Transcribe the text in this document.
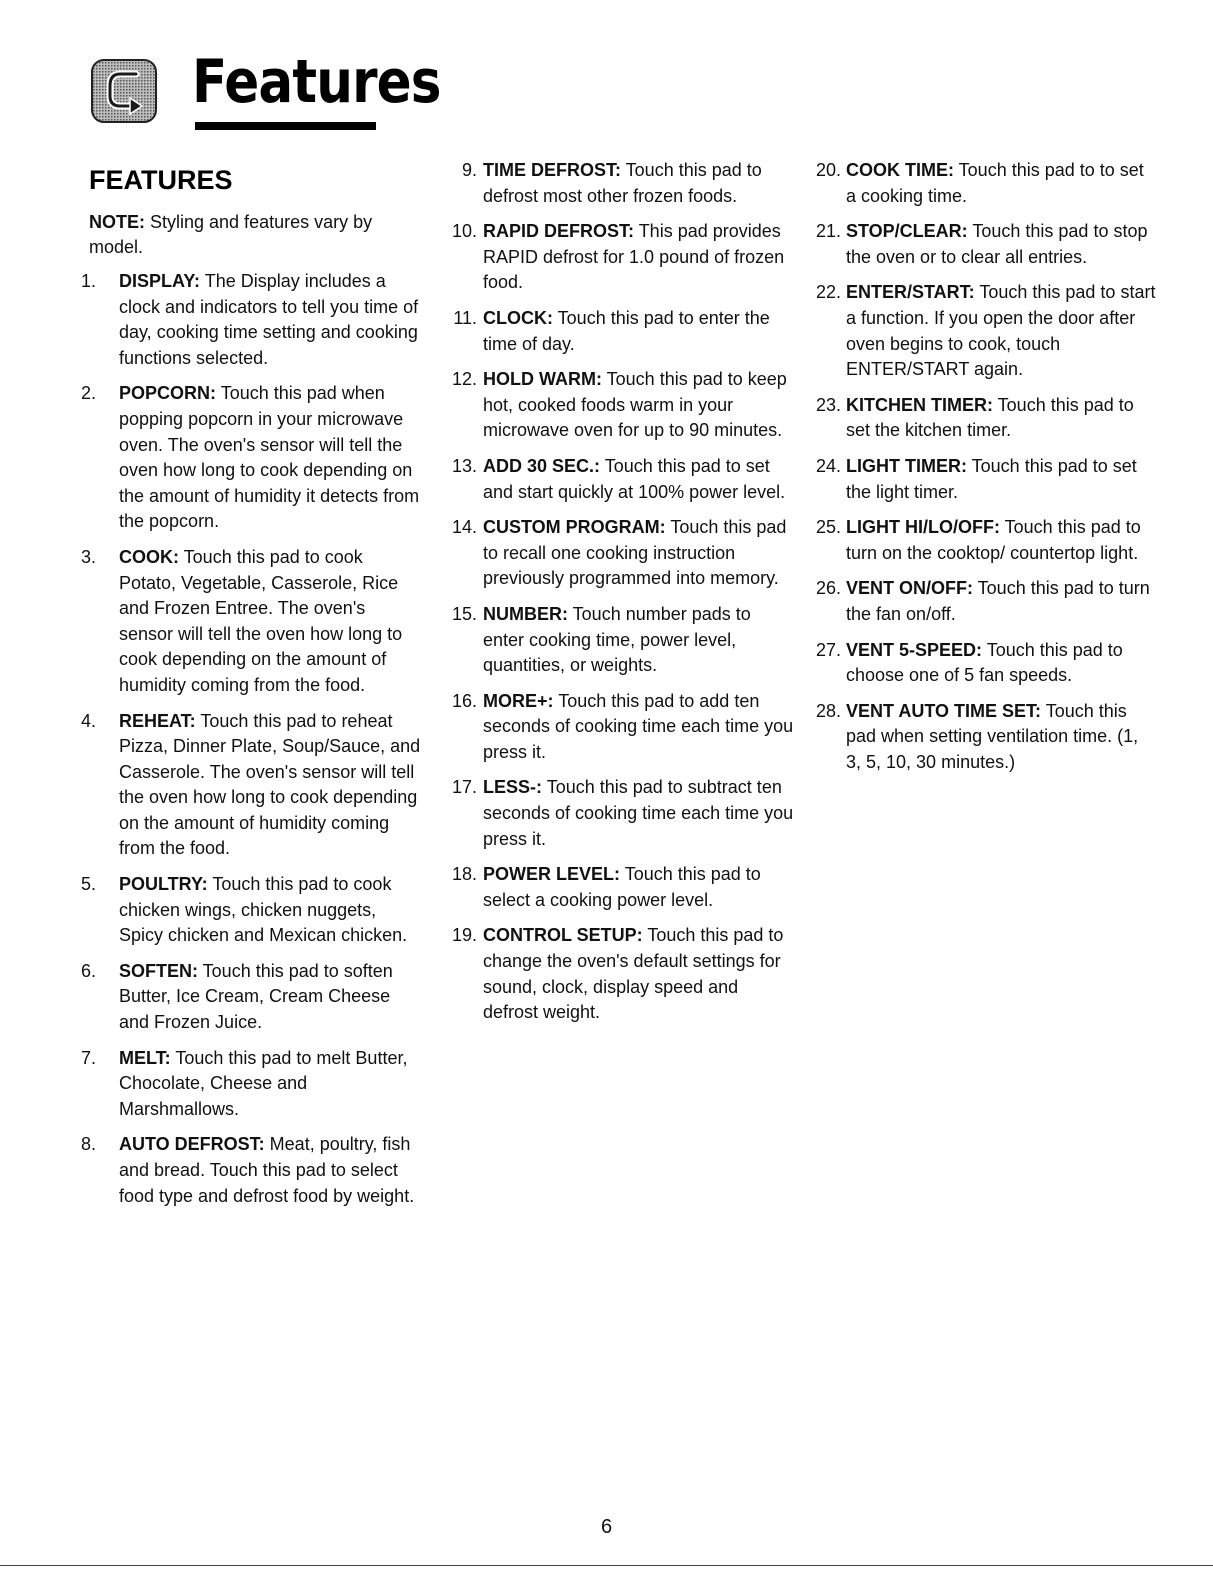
Features
FEATURES

NOTE: Styling and features vary by model.

1. DISPLAY: The Display includes a clock and indicators to tell you time of day, cooking time setting and cooking functions selected.
2. POPCORN: Touch this pad when popping popcorn in your microwave oven. The oven's sensor will tell the oven how long to cook depending on the amount of humidity it detects from the popcorn.
3. COOK: Touch this pad to cook Potato, Vegetable, Casserole, Rice and Frozen Entree. The oven's sensor will tell the oven how long to cook depending on the amount of humidity coming from the food.
4. REHEAT: Touch this pad to reheat Pizza, Dinner Plate, Soup/Sauce, and Casserole. The oven's sensor will tell the oven how long to cook depending on the amount of humidity coming from the food.
5. POULTRY: Touch this pad to cook chicken wings, chicken nuggets, Spicy chicken and Mexican chicken.
6. SOFTEN: Touch this pad to soften Butter, Ice Cream, Cream Cheese and Frozen Juice.
7. MELT: Touch this pad to melt Butter, Chocolate, Cheese and Marshmallows.
8. AUTO DEFROST: Meat, poultry, fish and bread. Touch this pad to select food type and defrost food by weight.
9. TIME DEFROST: Touch this pad to defrost most other frozen foods.
10. RAPID DEFROST: This pad provides RAPID defrost for 1.0 pound of frozen food.
11. CLOCK: Touch this pad to enter the time of day.
12. HOLD WARM: Touch this pad to keep hot, cooked foods warm in your microwave oven for up to 90 minutes.
13. ADD 30 SEC.: Touch this pad to set and start quickly at 100% power level.
14. CUSTOM PROGRAM: Touch this pad to recall one cooking instruction previously programmed into memory.
15. NUMBER: Touch number pads to enter cooking time, power level, quantities, or weights.
16. MORE+: Touch this pad to add ten seconds of cooking time each time you press it.
17. LESS-: Touch this pad to subtract ten seconds of cooking time each time you press it.
18. POWER LEVEL: Touch this pad to select a cooking power level.
19. CONTROL SETUP: Touch this pad to change the oven's default settings for sound, clock, display speed and defrost weight.
20. COOK TIME: Touch this pad to to set a cooking time.
21. STOP/CLEAR: Touch this pad to stop the oven or to clear all entries.
22. ENTER/START: Touch this pad to start a function. If you open the door after oven begins to cook, touch ENTER/START again.
23. KITCHEN TIMER: Touch this pad to set the kitchen timer.
24. LIGHT TIMER: Touch this pad to set the light timer.
25. LIGHT HI/LO/OFF: Touch this pad to turn on the cooktop/ countertop light.
26. VENT ON/OFF: Touch this pad to turn the fan on/off.
27. VENT 5-SPEED: Touch this pad to choose one of 5 fan speeds.
28. VENT AUTO TIME SET: Touch this pad when setting ventilation time. (1, 3, 5, 10, 30 minutes.)
6
